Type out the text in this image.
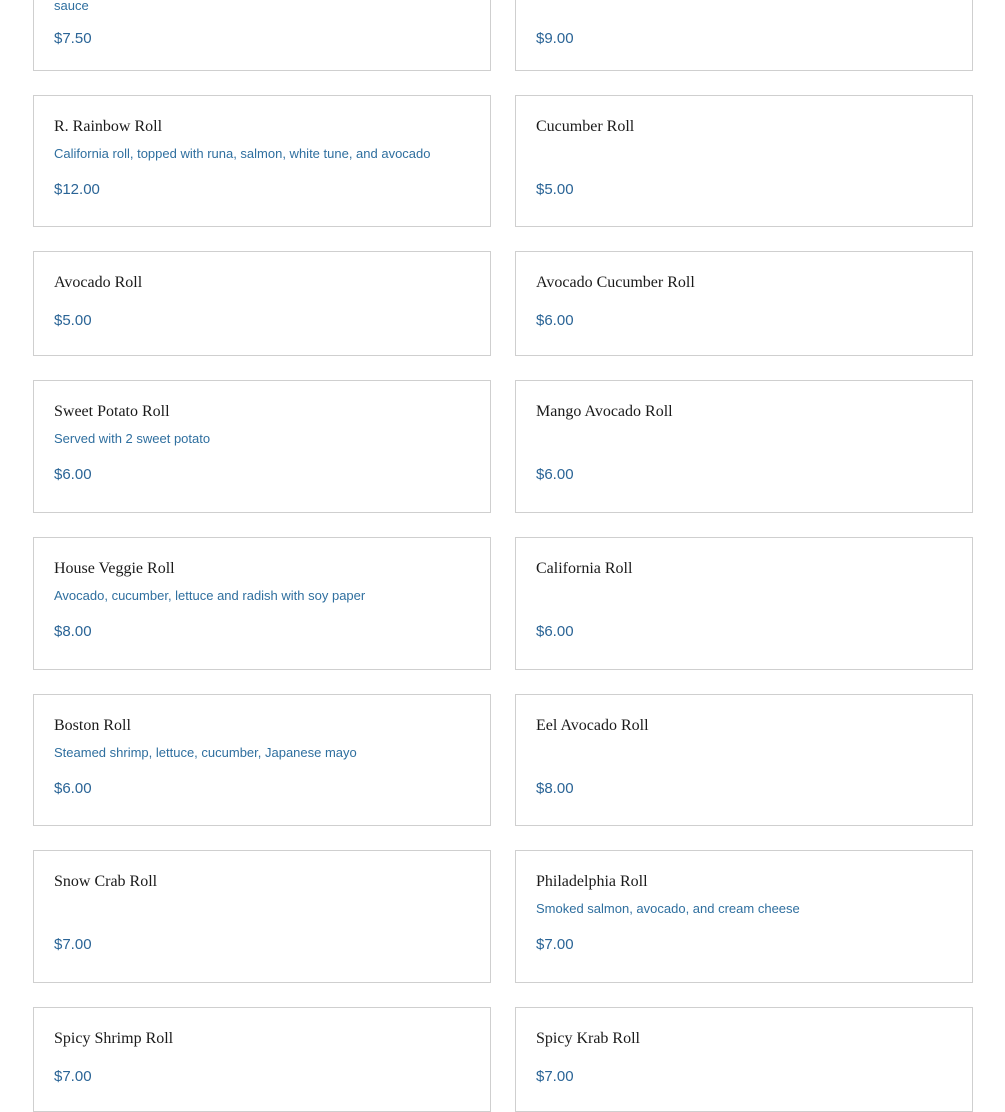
sauce
$7.50	$9.00
R. Rainbow Roll
California roll, topped with runa, salmon, white tune, and avocado
$12.00
Cucumber Roll
$5.00
Avocado Roll
$5.00
Avocado Cucumber Roll
$6.00
Sweet Potato Roll
Served with 2 sweet potato
$6.00
Mango Avocado Roll
$6.00
House Veggie Roll
Avocado, cucumber, lettuce and radish with soy paper
$8.00
California Roll
$6.00
Boston Roll
Steamed shrimp, lettuce, cucumber, Japanese mayo
$6.00
Eel Avocado Roll
$8.00
Snow Crab Roll
$7.00
Philadelphia Roll
Smoked salmon, avocado, and cream cheese
$7.00
Spicy Shrimp Roll
$7.00
Spicy Krab Roll
$7.00
